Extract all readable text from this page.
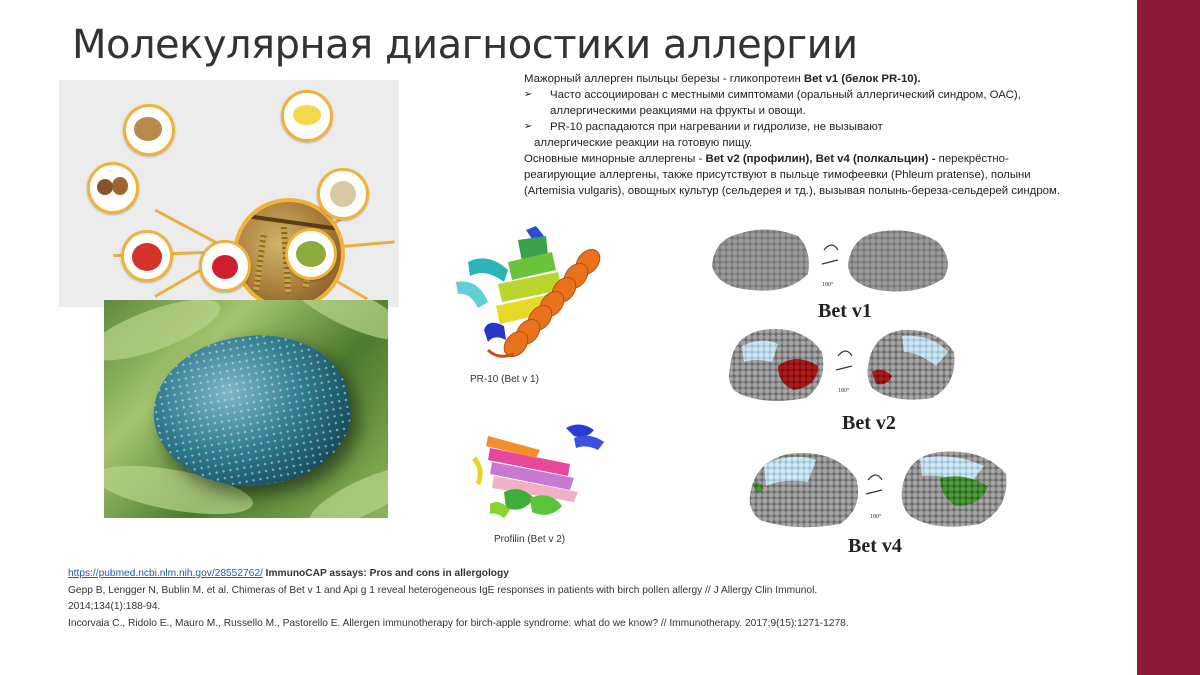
Молекулярная диагностики аллергии

Мажорный аллерген пыльцы березы - гликопротеин Bet v1 (белок PR-10).

➢	Часто ассоциирован с местными симптомами (оральный аллергический синдром, ОАС),

аллергическими реакциями на фрукты и овощи.

➢	PR-10 распадаются при нагревании и гидролизе, не вызывают

аллергические реакции на готовую пищу.

Основные минорные аллергены - Bet v2 (профилин), Bet v4 (полкальцин) - перекрёстно-реагирующие аллергены, также присутствуют в пыльце тимофеевки (Phleum pratense), полыни (Artemisia vulgaris), овощных культур (сельдерея и тд.), вызывая полынь-береза-сельдерей синдром.

PR-10 (Bet v 1)
Profilin (Bet v 2)
180°
Bet v1
180°
Bet v2
180°
Bet v4

https://pubmed.ncbi.nlm.nih.gov/28552762/ ImmunoCAP assays: Pros and cons in allergology

Gepp B, Lengger N, Bublin M. et al. Chimeras of Bet v 1 and Api g 1 reveal heterogeneous IgE responses in patients with birch pollen allergy // J Allergy Clin Immunol.

2014;134(1):188-94.

Incorvaia C., Ridolo E., Mauro M., Russello M., Pastorello E. Allergen immunotherapy for birch-apple syndrome: what do we know? // Immunotherapy. 2017;9(15):1271-1278.
